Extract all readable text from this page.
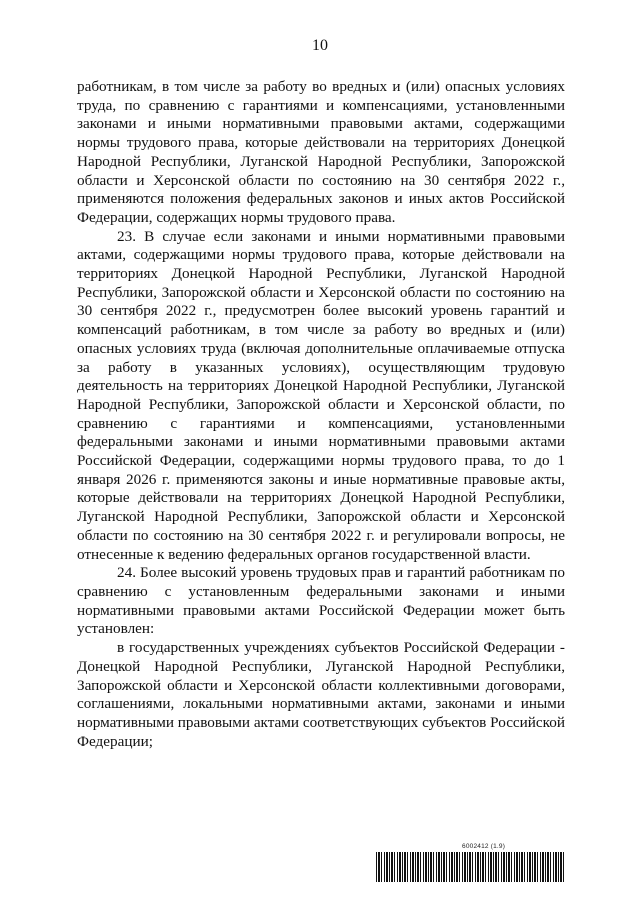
10

работникам, в том числе за работу во вредных и (или) опасных условиях труда, по сравнению с гарантиями и компенсациями, установленными законами и иными нормативными правовыми актами, содержащими нормы трудового права, которые действовали на территориях Донецкой Народной Республики, Луганской Народной Республики, Запорожской области и Херсонской области по состоянию на 30 сентября 2022 г., применяются положения федеральных законов и иных актов Российской Федерации, содержащих нормы трудового права.

23. В случае если законами и иными нормативными правовыми актами, содержащими нормы трудового права, которые действовали на территориях Донецкой Народной Республики, Луганской Народной Республики, Запорожской области и Херсонской области по состоянию на 30 сентября 2022 г., предусмотрен более высокий уровень гарантий и компенсаций работникам, в том числе за работу во вредных и (или) опасных условиях труда (включая дополнительные оплачиваемые отпуска за работу в указанных условиях), осуществляющим трудовую деятельность на территориях Донецкой Народной Республики, Луганской Народной Республики, Запорожской области и Херсонской области, по сравнению с гарантиями и компенсациями, установленными федеральными законами и иными нормативными правовыми актами Российской Федерации, содержащими нормы трудового права, то до 1 января 2026 г. применяются законы и иные нормативные правовые акты, которые действовали на территориях Донецкой Народной Республики, Луганской Народной Республики, Запорожской области и Херсонской области по состоянию на 30 сентября 2022 г. и регулировали вопросы, не отнесенные к ведению федеральных органов государственной власти.

24. Более высокий уровень трудовых прав и гарантий работникам по сравнению с установленным федеральными законами и иными нормативными правовыми актами Российской Федерации может быть установлен:

в государственных учреждениях субъектов Российской Федерации - Донецкой Народной Республики, Луганской Народной Республики, Запорожской области и Херсонской области коллективными договорами, соглашениями, локальными нормативными актами, законами и иными нормативными правовыми актами соответствующих субъектов Российской Федерации;

6002412 (1.9)
